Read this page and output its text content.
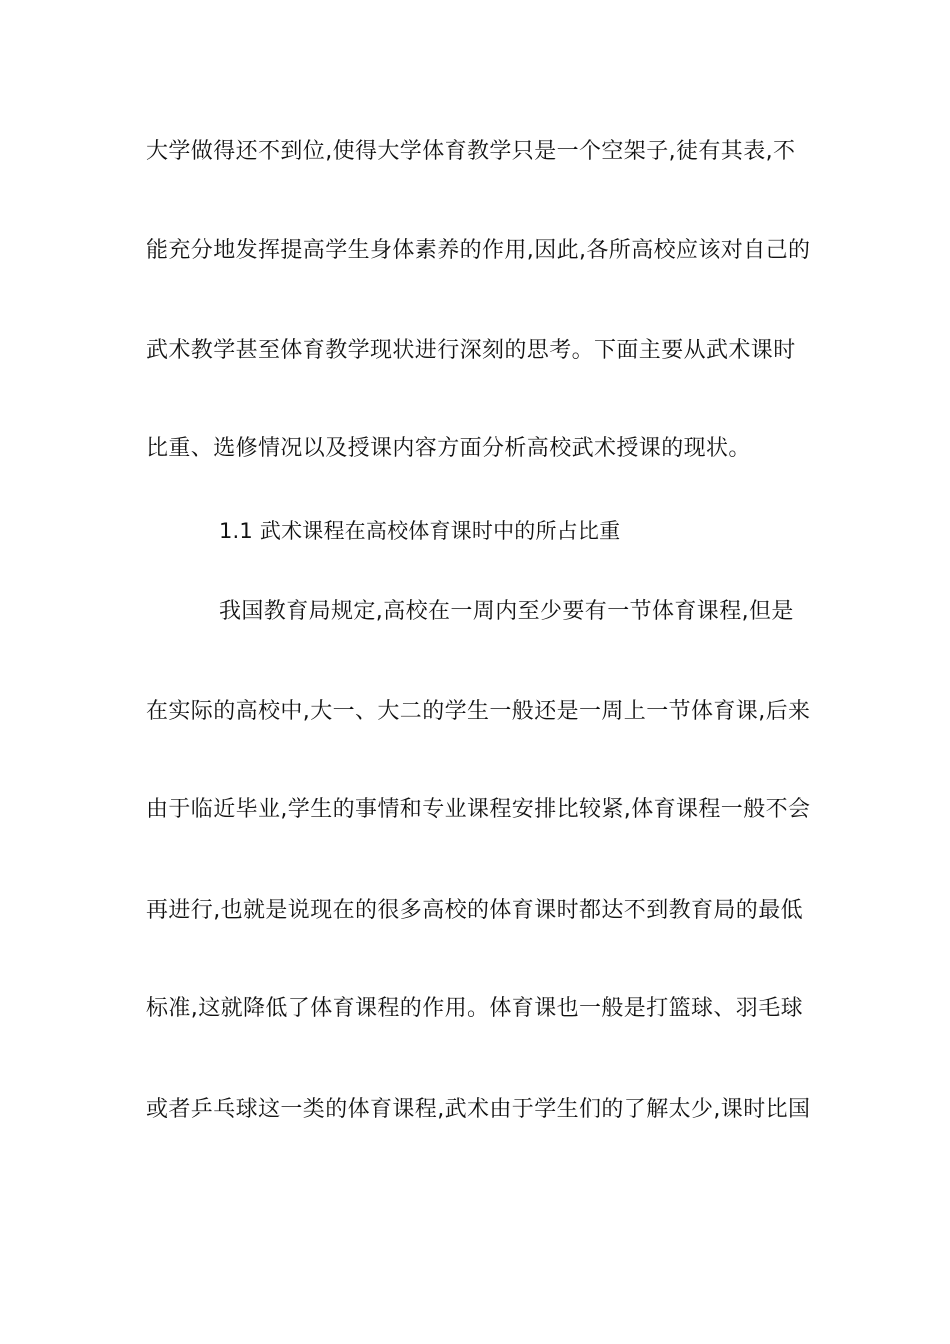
大学做得还不到位,使得大学体育教学只是一个空架子,徒有其表,不
能充分地发挥提高学生身体素养的作用,因此,各所高校应该对自己的
武术教学甚至体育教学现状进行深刻的思考。下面主要从武术课时
比重、选修情况以及授课内容方面分析高校武术授课的现状。
1.1 武术课程在高校体育课时中的所占比重
我国教育局规定,高校在一周内至少要有一节体育课程,但是
在实际的高校中,大一、大二的学生一般还是一周上一节体育课,后来
由于临近毕业,学生的事情和专业课程安排比较紧,体育课程一般不会
再进行,也就是说现在的很多高校的体育课时都达不到教育局的最低
标准,这就降低了体育课程的作用。体育课也一般是打篮球、羽毛球
或者乒乓球这一类的体育课程,武术由于学生们的了解太少,课时比国
